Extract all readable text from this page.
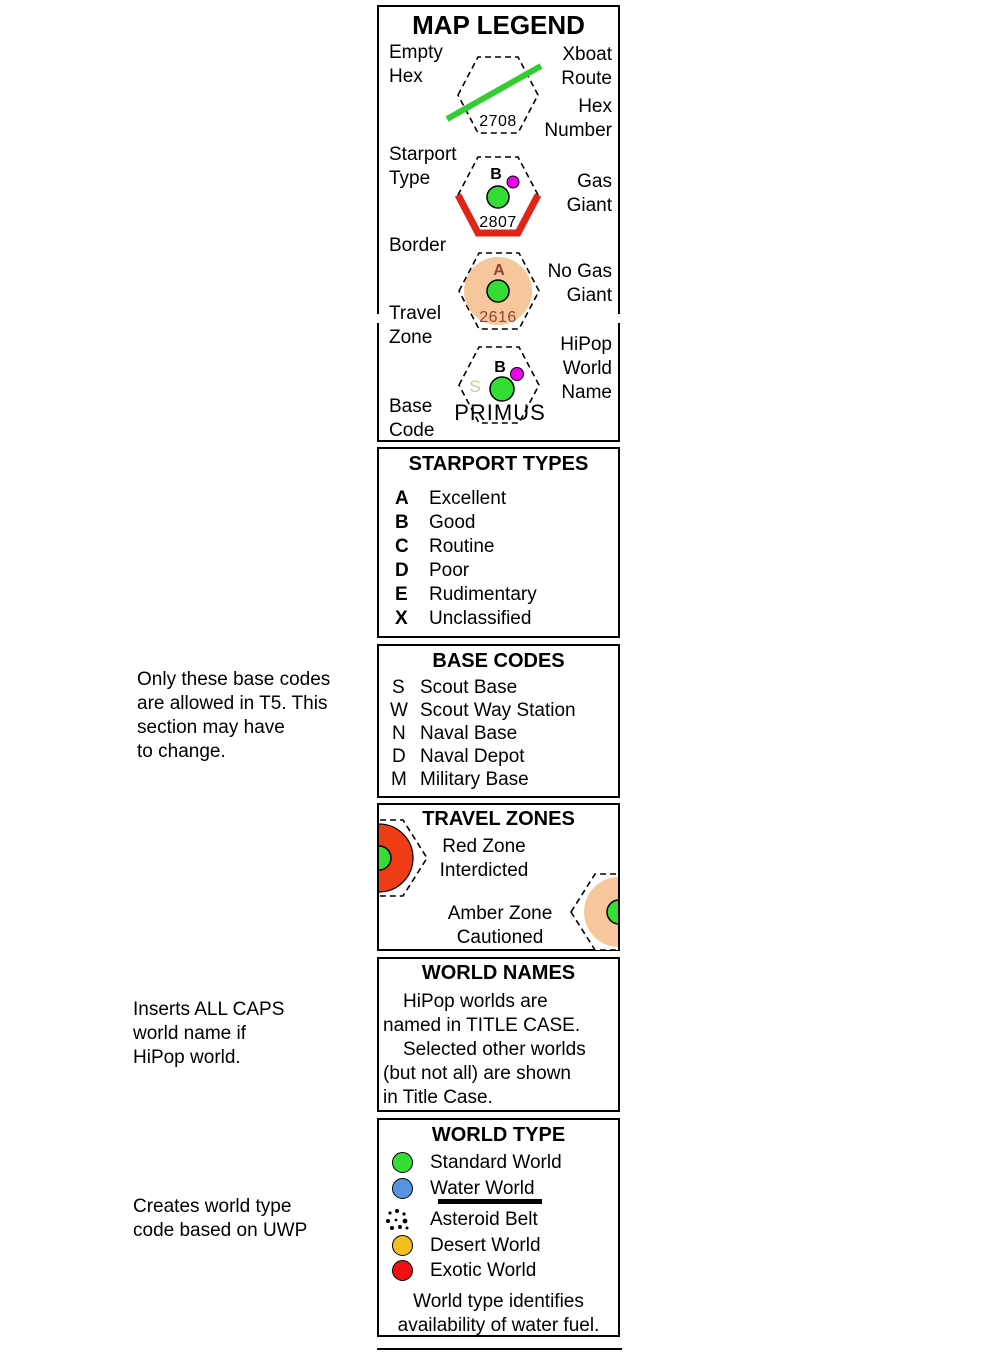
MAP LEGEND
Empty
Hex
Starport
Type
Border
Travel
Zone
Base
Code
Xboat
Route
Hex
Number
Gas
Giant
No Gas
Giant
HiPop
World
Name
2708
B
2807
A
2616
B
S
PRIMUS
STARPORT TYPES
A Excellent
B Good
C Routine
D Poor
E Rudimentary
X Unclassified
BASE CODES
S Scout Base
W Scout Way Station
N Naval Base
D Naval Depot
M Military Base
TRAVEL ZONES
Red Zone
Interdicted
Amber Zone
Cautioned
WORLD NAMES
HiPop worlds are
named in TITLE CASE.
Selected other worlds
(but not all) are shown
in Title Case.
WORLD TYPE
Standard World
Water World
Asteroid Belt
Desert World
Exotic World
World type identifies
availability of water fuel.
Only these base codes
are allowed in T5. This
section may have
to change.
Inserts ALL CAPS
world name if
HiPop world.
Creates world type
code based on UWP
